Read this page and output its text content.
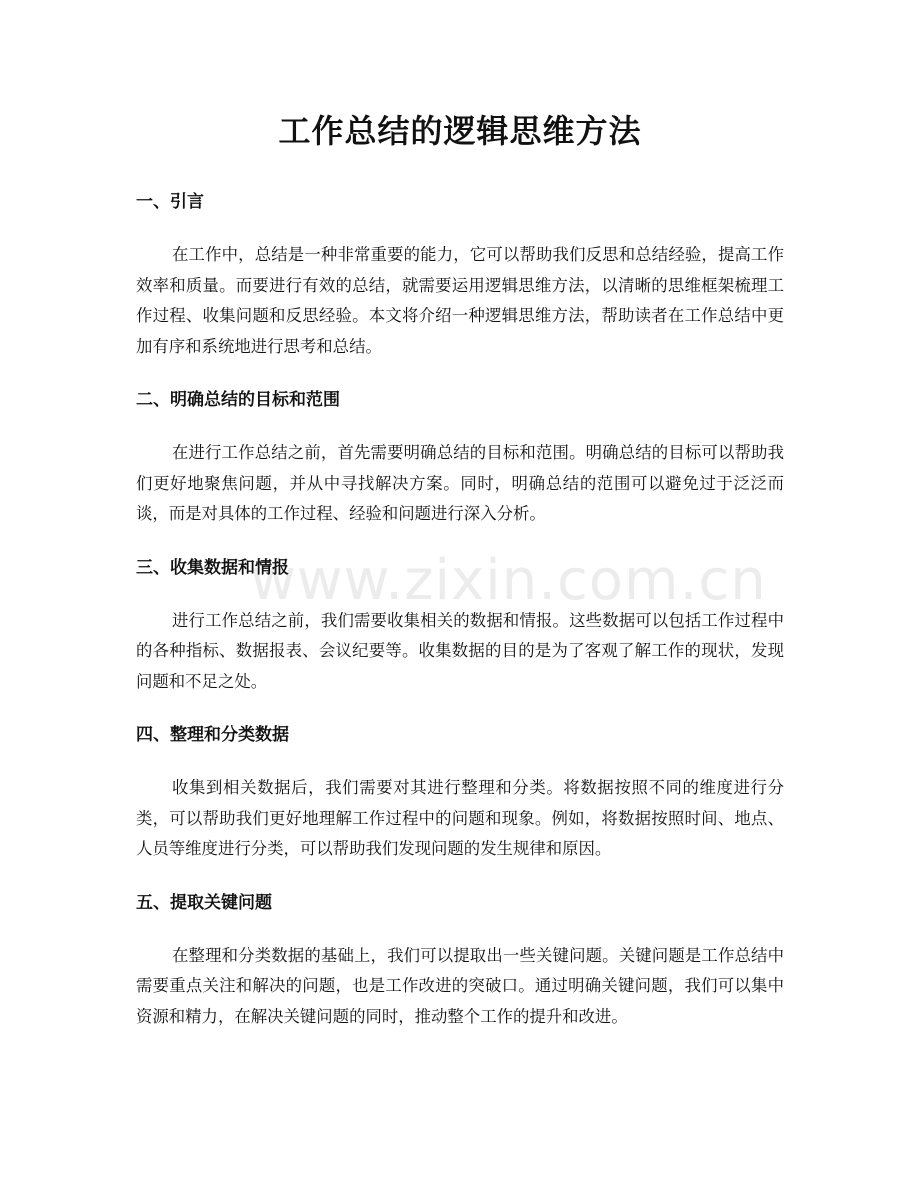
www.zixin.com.cn
工作总结的逻辑思维方法
一、引言

在工作中，总结是一种非常重要的能力，它可以帮助我们反思和总结经验，提高工作效率和质量。而要进行有效的总结，就需要运用逻辑思维方法，以清晰的思维框架梳理工作过程、收集问题和反思经验。本文将介绍一种逻辑思维方法，帮助读者在工作总结中更加有序和系统地进行思考和总结。

二、明确总结的目标和范围

在进行工作总结之前，首先需要明确总结的目标和范围。明确总结的目标可以帮助我们更好地聚焦问题，并从中寻找解决方案。同时，明确总结的范围可以避免过于泛泛而谈，而是对具体的工作过程、经验和问题进行深入分析。

三、收集数据和情报

进行工作总结之前，我们需要收集相关的数据和情报。这些数据可以包括工作过程中的各种指标、数据报表、会议纪要等。收集数据的目的是为了客观了解工作的现状，发现问题和不足之处。

四、整理和分类数据

收集到相关数据后，我们需要对其进行整理和分类。将数据按照不同的维度进行分类，可以帮助我们更好地理解工作过程中的问题和现象。例如，将数据按照时间、地点、人员等维度进行分类，可以帮助我们发现问题的发生规律和原因。

五、提取关键问题

在整理和分类数据的基础上，我们可以提取出一些关键问题。关键问题是工作总结中需要重点关注和解决的问题，也是工作改进的突破口。通过明确关键问题，我们可以集中资源和精力，在解决关键问题的同时，推动整个工作的提升和改进。
